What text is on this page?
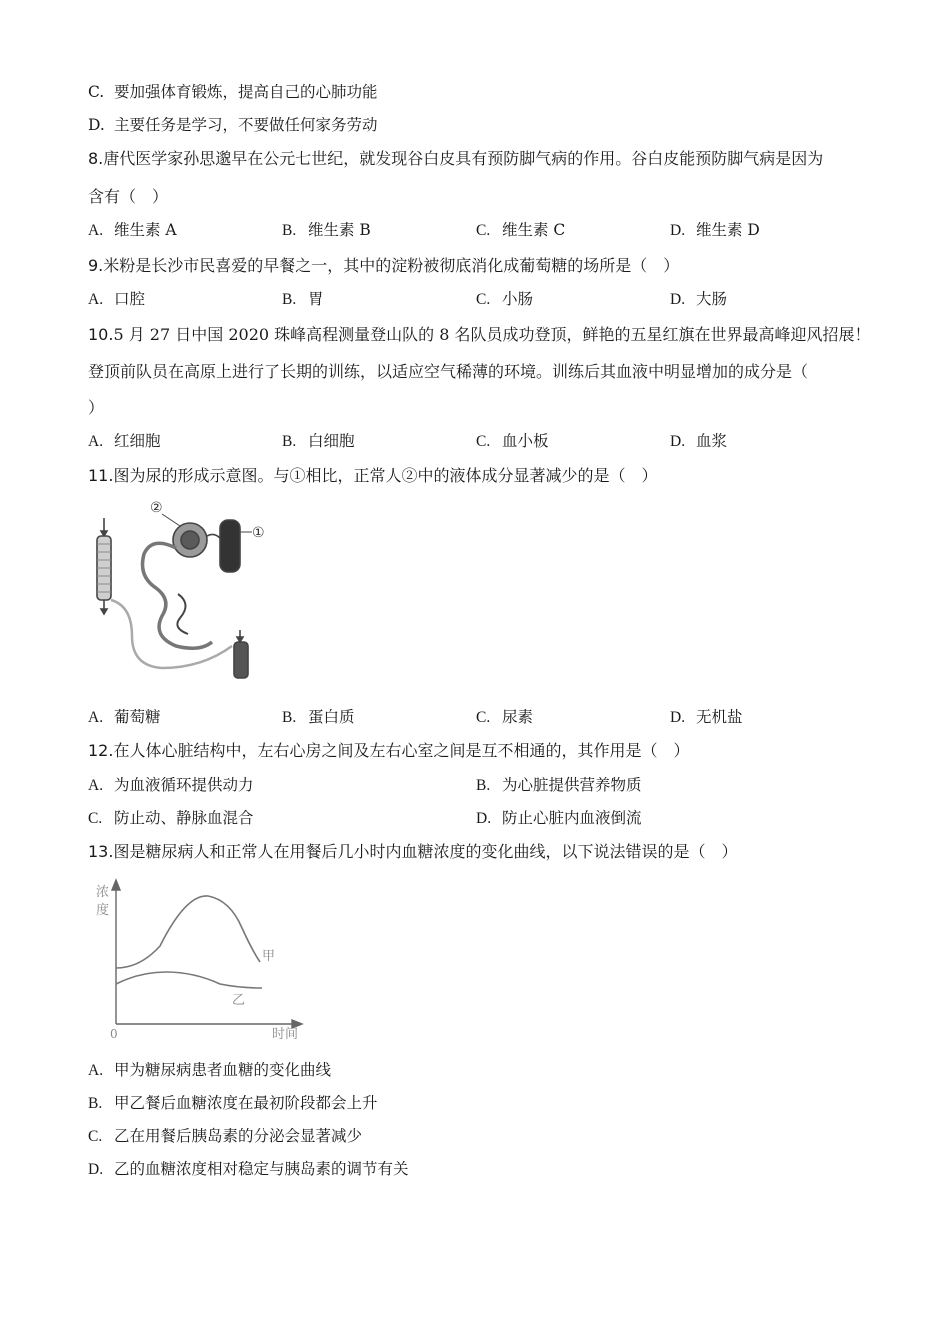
C. 要加强体育锻炼，提高自己的心肺功能
D. 主要任务是学习，不要做任何家务劳动
8.唐代医学家孙思邈早在公元七世纪，就发现谷白皮具有预防脚气病的作用。谷白皮能预防脚气病是因为
含有（　）
A. 维生素 A	B. 维生素 B	C. 维生素 C	D. 维生素 D
9.米粉是长沙市民喜爱的早餐之一，其中的淀粉被彻底消化成葡萄糖的场所是（　）
A. 口腔	B. 胃	C. 小肠	D. 大肠
10.5 月 27 日中国 2020 珠峰高程测量登山队的 8 名队员成功登顶，鲜艳的五星红旗在世界最高峰迎风招展！
登顶前队员在高原上进行了长期的训练，以适应空气稀薄的环境。训练后其血液中明显增加的成分是（
）
A. 红细胞	B. 白细胞	C. 血小板	D. 血浆
11.图为尿的形成示意图。与①相比，正常人②中的液体成分显著减少的是（　）
②
①
A. 葡萄糖	B. 蛋白质	C. 尿素	D. 无机盐
12.在人体心脏结构中，左右心房之间及左右心室之间是互不相通的，其作用是（　）
A. 为血液循环提供动力	B. 为心脏提供营养物质
C. 防止动、静脉血混合	D. 防止心脏内血液倒流
13.图是糖尿病人和正常人在用餐后几小时内血糖浓度的变化曲线，以下说法错误的是（　）
浓
度
甲
乙
0	时间
A. 甲为糖尿病患者血糖的变化曲线
B. 甲乙餐后血糖浓度在最初阶段都会上升
C. 乙在用餐后胰岛素的分泌会显著减少
D. 乙的血糖浓度相对稳定与胰岛素的调节有关
